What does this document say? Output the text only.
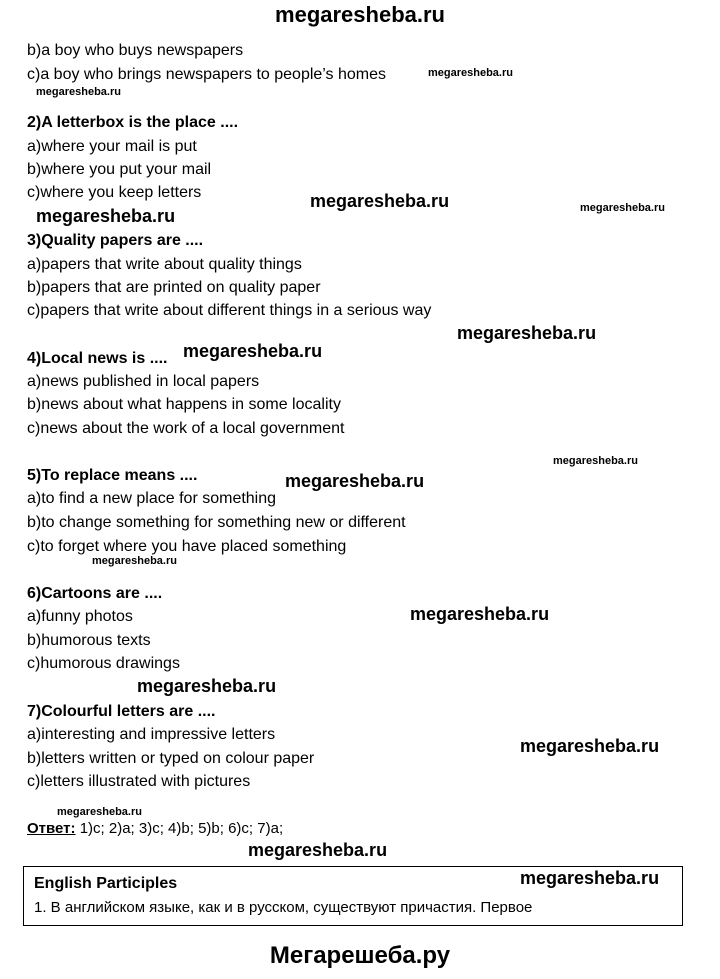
megaresheba.ru
b)a boy who buys newspapers
c)a boy who brings newspapers to people’s homes
2)A letterbox is the place ....
a)where your mail is put
b)where you put your mail
c)where you keep letters
3)Quality papers are ....
a)papers that write about quality things
b)papers that are printed on quality paper
c)papers that write about different things in a serious way
4)Local news is ....
a)news published in local papers
b)news about what happens in some locality
c)news about the work of a local government
5)To replace means ....
a)to find a new place for something
b)to change something for something new or different
c)to forget where you have placed something
6)Cartoons are ....
a)funny photos
b)humorous texts
c)humorous drawings
7)Colourful letters are ....
a)interesting and impressive letters
b)letters written or typed on colour paper
c)letters illustrated with pictures
Ответ: 1)c; 2)a; 3)c; 4)b; 5)b; 6)c; 7)a;
English Participles
1. В английском языке, как и в русском, существуют причастия. Первое
Мегарешеба.ру
megaresheba.ru
megaresheba.ru
megaresheba.ru
megaresheba.ru	megaresheba.ru
megaresheba.ru
megaresheba.ru
megaresheba.ru
megaresheba.ru
megaresheba.ru
megaresheba.ru
megaresheba.ru
megaresheba.ru
megaresheba.ru
megaresheba.ru
megaresheba.ru
